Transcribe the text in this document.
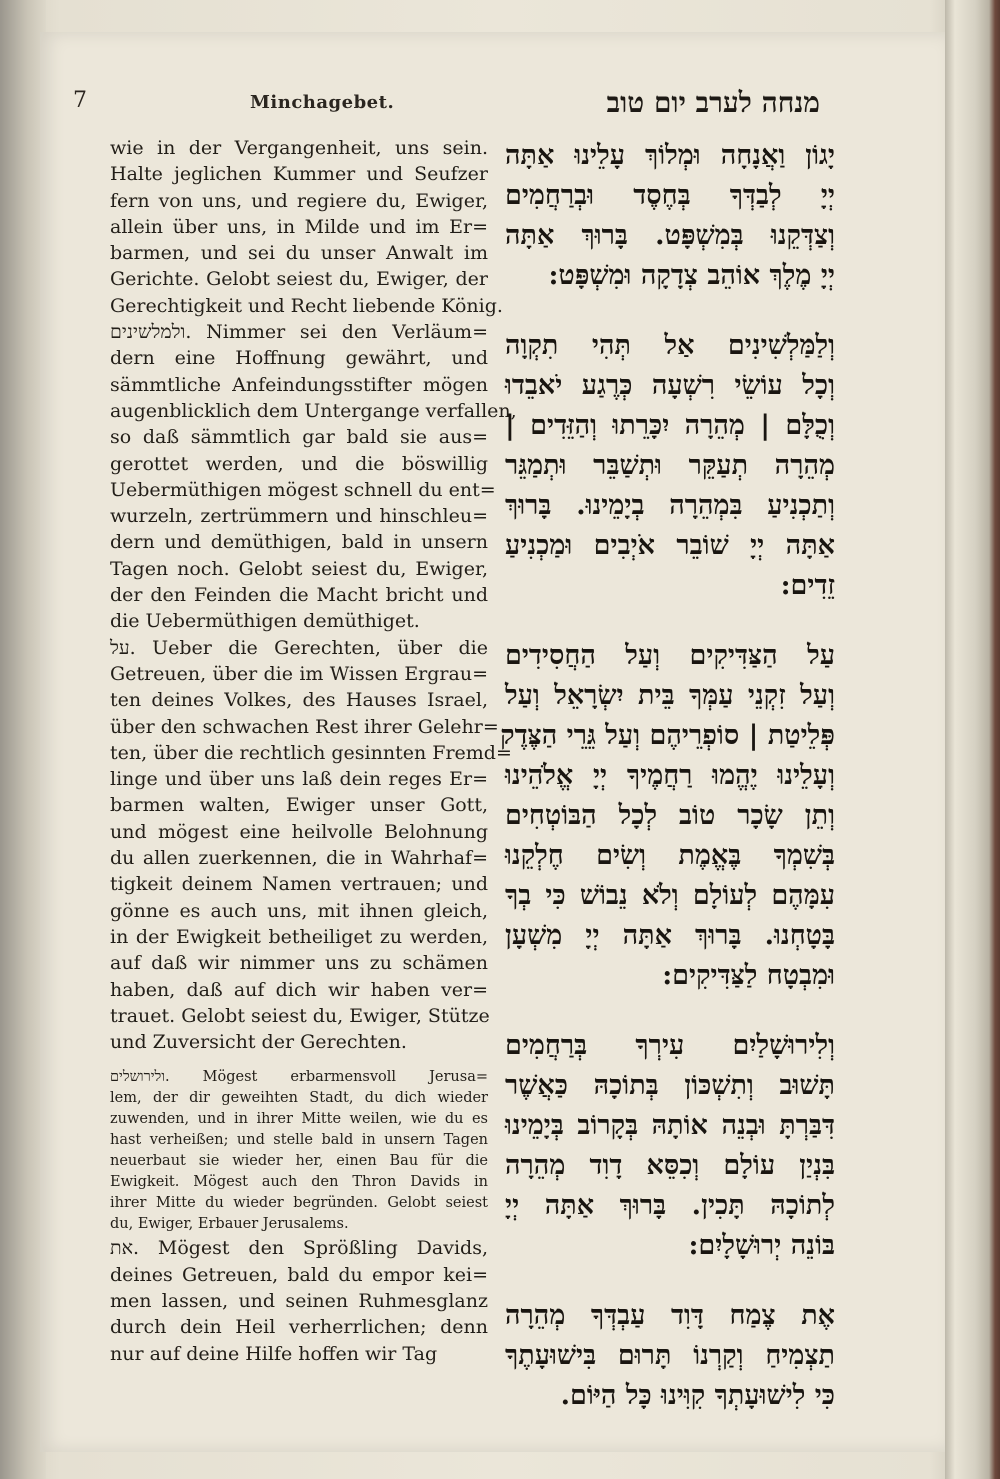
7	Minchagebet.	מנחה לערב יום טוב
wie in der Vergangenheit, uns sein.
Halte jeglichen Kummer und Seufzer
fern von uns, und regiere du, Ewiger,
allein über uns, in Milde und im Er=
barmen, und sei du unser Anwalt im
Gerichte. Gelobt seiest du, Ewiger, der
Gerechtigkeit und Recht liebende König.
ולמלשינים. Nimmer sei den Verläum=
dern eine Hoffnung gewährt, und
sämmtliche Anfeindungsstifter mögen
augenblicklich dem Untergange verfallen,
so daß sämmtlich gar bald sie aus=
gerottet werden, und die böswillig
Uebermüthigen mögest schnell du ent=
wurzeln, zertrümmern und hinschleu=
dern und demüthigen, bald in unsern
Tagen noch. Gelobt seiest du, Ewiger,
der den Feinden die Macht bricht und
die Uebermüthigen demüthiget.
על. Ueber die Gerechten, über die
Getreuen, über die im Wissen Ergrau=
ten deines Volkes, des Hauses Israel,
über den schwachen Rest ihrer Gelehr=
ten, über die rechtlich gesinnten Fremd=
linge und über uns laß dein reges Er=
barmen walten, Ewiger unser Gott,
und mögest eine heilvolle Belohnung
du allen zuerkennen, die in Wahrhaf=
tigkeit deinem Namen vertrauen; und
gönne es auch uns, mit ihnen gleich,
in der Ewigkeit betheiliget zu werden,
auf daß wir nimmer uns zu schämen
haben, daß auf dich wir haben ver=
trauet. Gelobt seiest du, Ewiger, Stütze
und Zuversicht der Gerechten.
ולירושלים. Mögest erbarmensvoll Jerusa=
lem, der dir geweihten Stadt, du dich wieder
zuwenden, und in ihrer Mitte weilen, wie du es
hast verheißen; und stelle bald in unsern Tagen
neuerbaut sie wieder her, einen Bau für die
Ewigkeit. Mögest auch den Thron Davids in
ihrer Mitte du wieder begründen. Gelobt seiest
du, Ewiger, Erbauer Jerusalems.
את. Mögest den Sprößling Davids,
deines Getreuen, bald du empor kei=
men lassen, und seinen Ruhmesglanz
durch dein Heil verherrlichen; denn
nur auf deine Hilfe hoffen wir Tag
יָגוֹן וַאֲנָחָה וּמְלוֹךְ עָלֵינוּ אַתָּה
יְיָ לְבַדְּךָ בְּחֶסֶד וּבְרַחֲמִים
וְצַדְּקֵנוּ בְּמִשְׁפָּט. בָּרוּךְ אַתָּה
יְיָ מֶלֶךְ אוֹהֵב צְדָקָה וּמִשְׁפָּט:
וְלַמַּלְשִׁינִים אַל תְּהִי תִקְוָה
וְכָל עוֹשֵׂי רִשְׁעָה כְּרֶגַע יֹאבֵדוּ
וְכֻלָּם | מְהֵרָה יִכָּרֵתוּ וְהַזֵּדִים |
מְהֵרָה תְעַקֵּר וּתְשַׁבֵּר וּתְמַגֵּר
וְתַכְנִיעַ בִּמְהֵרָה בְיָמֵינוּ. בָּרוּךְ
אַתָּה יְיָ שׁוֹבֵר אֹיְבִים וּמַכְנִיעַ
זֵדִים:
עַל הַצַּדִּיקִים וְעַל הַחֲסִידִים
וְעַל זִקְנֵי עַמְּךָ בֵּית יִשְׂרָאֵל וְעַל
פְּלֵיטַת | סוֹפְרֵיהֶם וְעַל גֵּרֵי הַצֶּדֶק
וְעָלֵינוּ יֶהֱמוּ רַחֲמֶיךָ יְיָ אֱלֹהֵינוּ
וְתֵן שָׂכָר טוֹב לְכָל הַבּוֹטְחִים
בְּשִׁמְךָ בֶּאֱמֶת וְשִׂים חֶלְקֵנוּ
עִמָּהֶם לְעוֹלָם וְלֹא נֵבוֹשׁ כִּי בְךָ
בָּטָחְנוּ. בָּרוּךְ אַתָּה יְיָ מִשְׁעָן
וּמִבְטָח לַצַּדִּיקִים:
וְלִירוּשָׁלַיִם עִירְךָ בְּרַחֲמִים
תָּשׁוּב וְתִשְׁכּוֹן בְּתוֹכָהּ כַּאֲשֶׁר
דִּבַּרְתָּ וּבְנֵה אוֹתָהּ בְּקָרוֹב בְּיָמֵינוּ
בִּנְיַן עוֹלָם וְכִסֵּא דָוִד מְהֵרָה
לְתוֹכָהּ תָּכִין. בָּרוּךְ אַתָּה יְיָ
בּוֹנֵה יְרוּשָׁלָיִם:
אֶת צֶמַח דָּוִד עַבְדְּךָ מְהֵרָה
תַצְמִיחַ וְקַרְנוֹ תָּרוּם בִּישׁוּעָתֶךָ
כִּי לִישׁוּעָתְךָ קִוִּינוּ כָּל הַיּוֹם.
